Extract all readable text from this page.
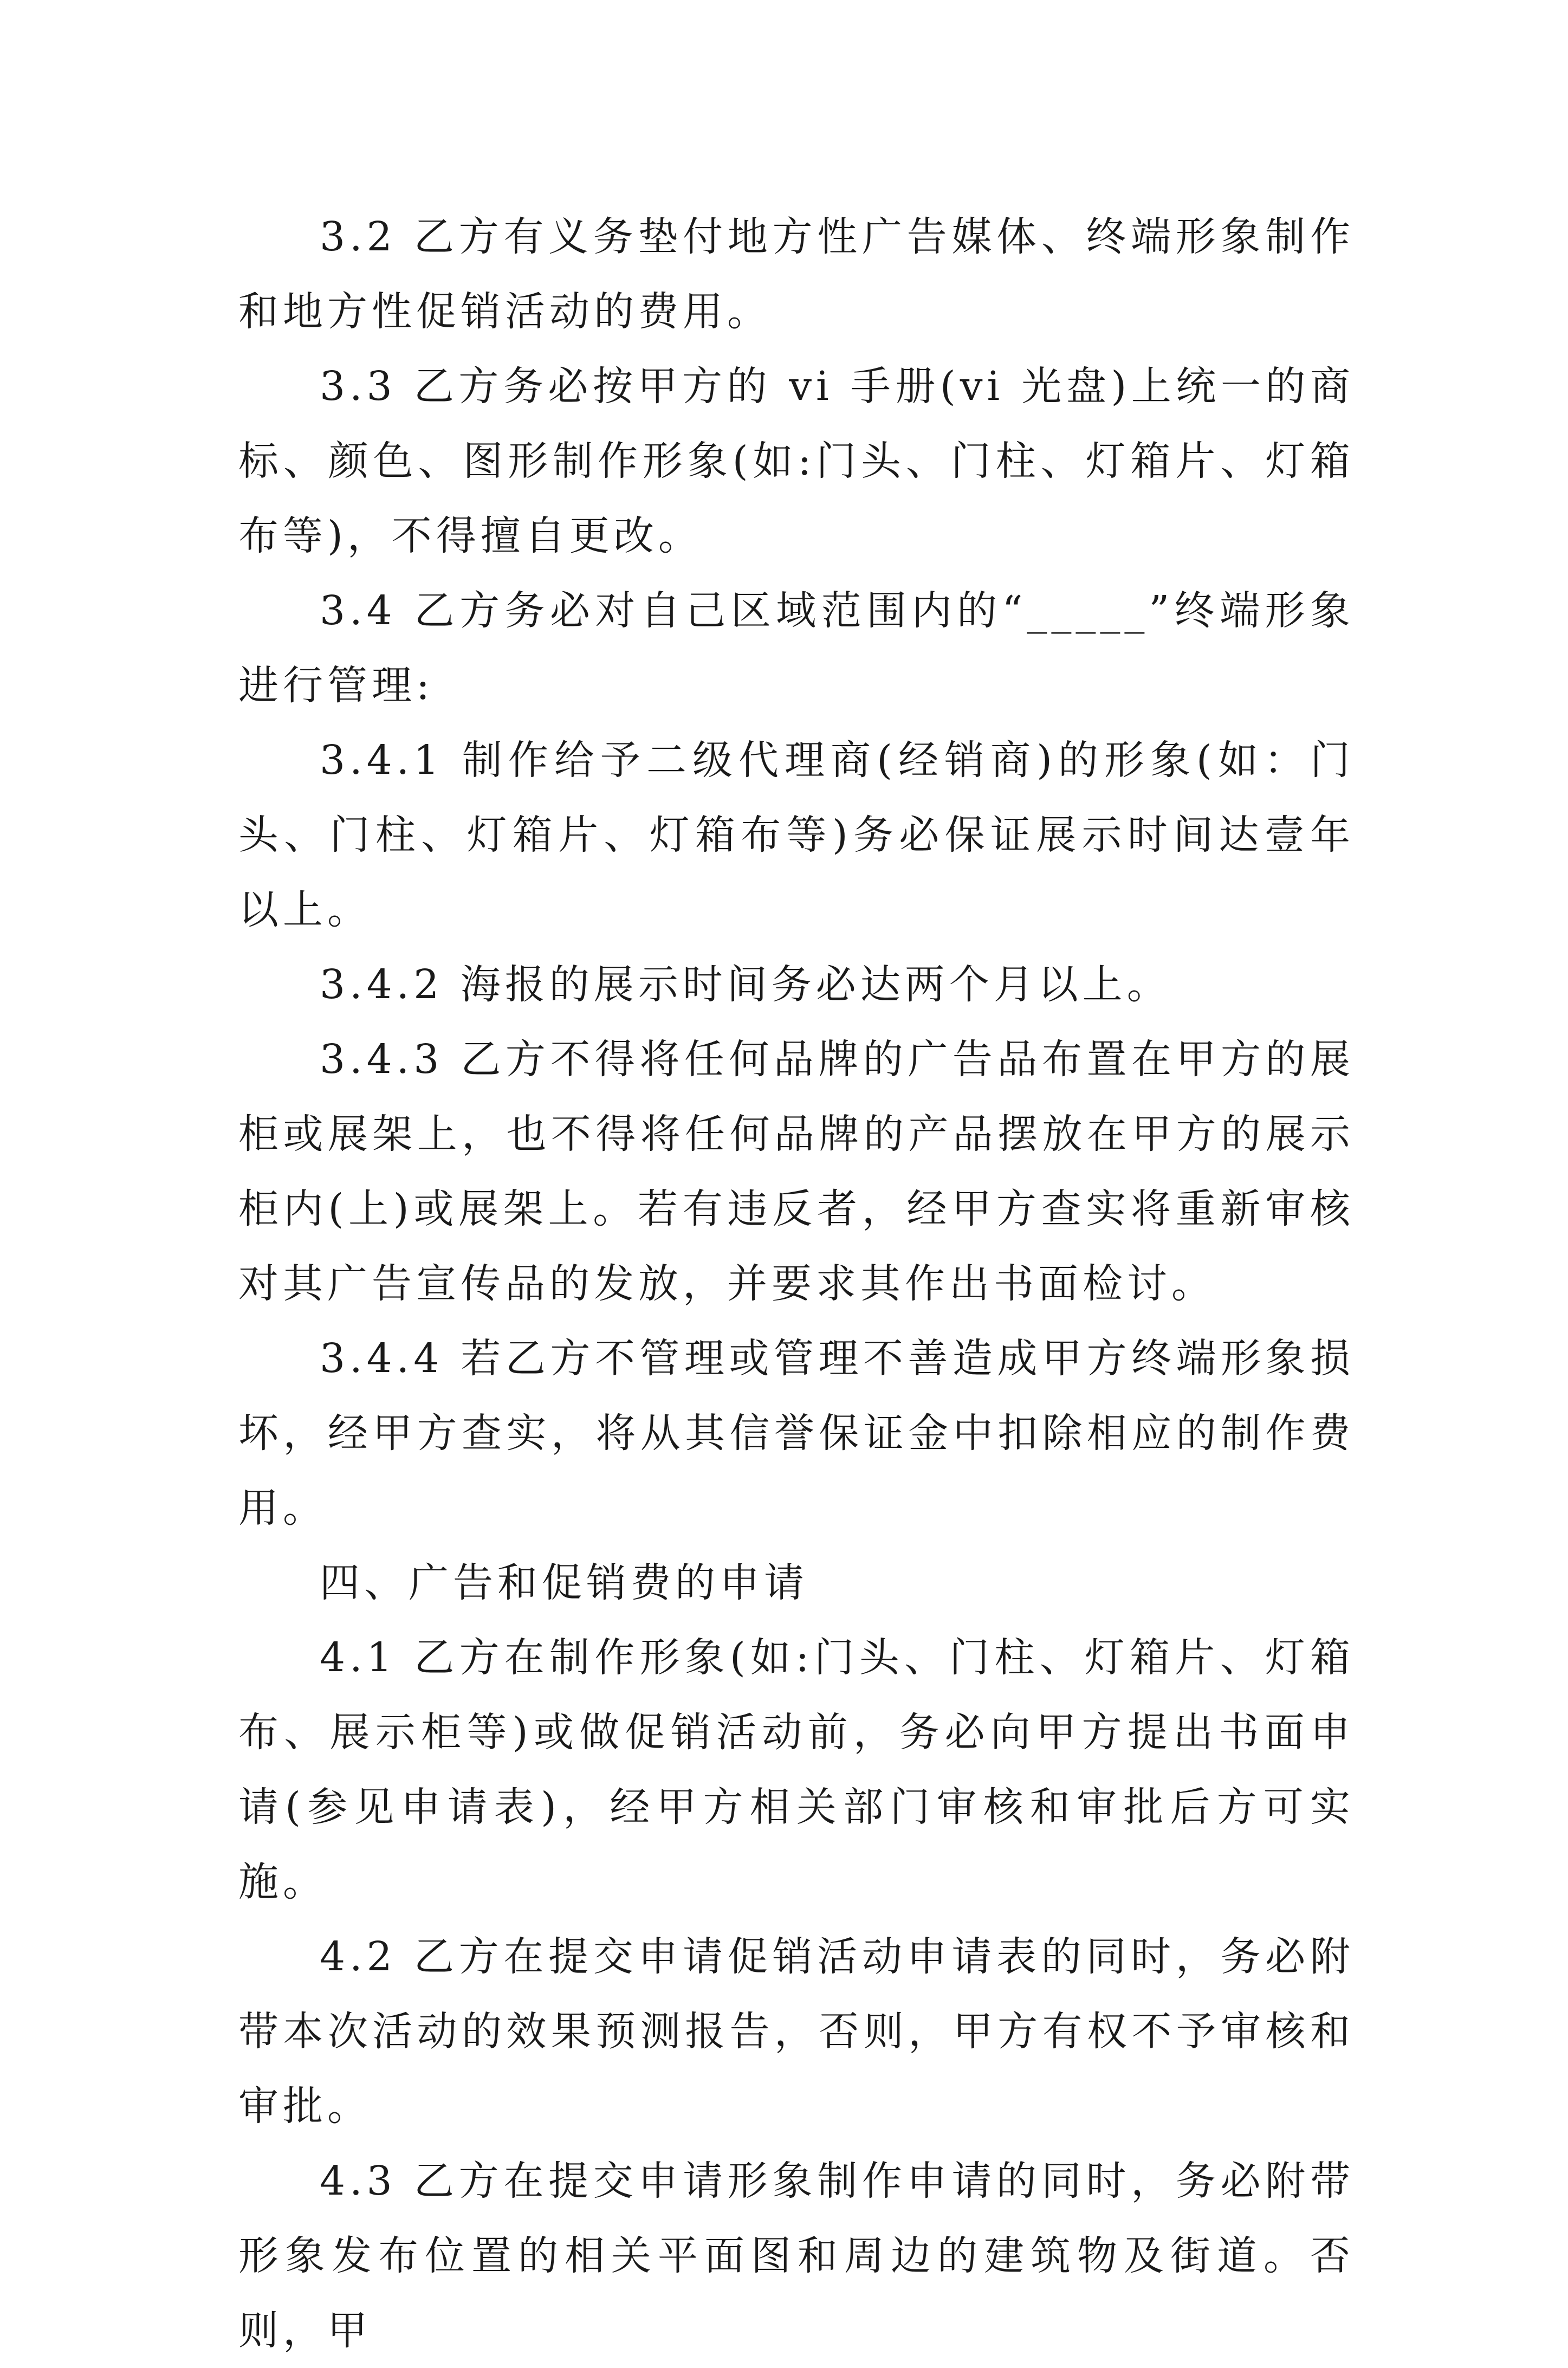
3.2 乙方有义务垫付地方性广告媒体、终端形象制作和地方性促销活动的费用。

3.3 乙方务必按甲方的 vi 手册(vi 光盘)上统一的商标、颜色、图形制作形象(如:门头、门柱、灯箱片、灯箱布等)，不得擅自更改。

3.4 乙方务必对自己区域范围内的“_____”终端形象进行管理:

3.4.1 制作给予二级代理商(经销商)的形象(如：门头、门柱、灯箱片、灯箱布等)务必保证展示时间达壹年以上。

3.4.2 海报的展示时间务必达两个月以上。

3.4.3 乙方不得将任何品牌的广告品布置在甲方的展柜或展架上，也不得将任何品牌的产品摆放在甲方的展示柜内(上)或展架上。若有违反者，经甲方查实将重新审核对其广告宣传品的发放，并要求其作出书面检讨。

3.4.4 若乙方不管理或管理不善造成甲方终端形象损坏，经甲方查实，将从其信誉保证金中扣除相应的制作费用。

四、广告和促销费的申请

4.1 乙方在制作形象(如:门头、门柱、灯箱片、灯箱布、展示柜等)或做促销活动前，务必向甲方提出书面申请(参见申请表)，经甲方相关部门审核和审批后方可实施。

4.2 乙方在提交申请促销活动申请表的同时，务必附带本次活动的效果预测报告，否则，甲方有权不予审核和审批。

4.3 乙方在提交申请形象制作申请的同时，务必附带形象发布位置的相关平面图和周边的建筑物及街道。否则，甲
